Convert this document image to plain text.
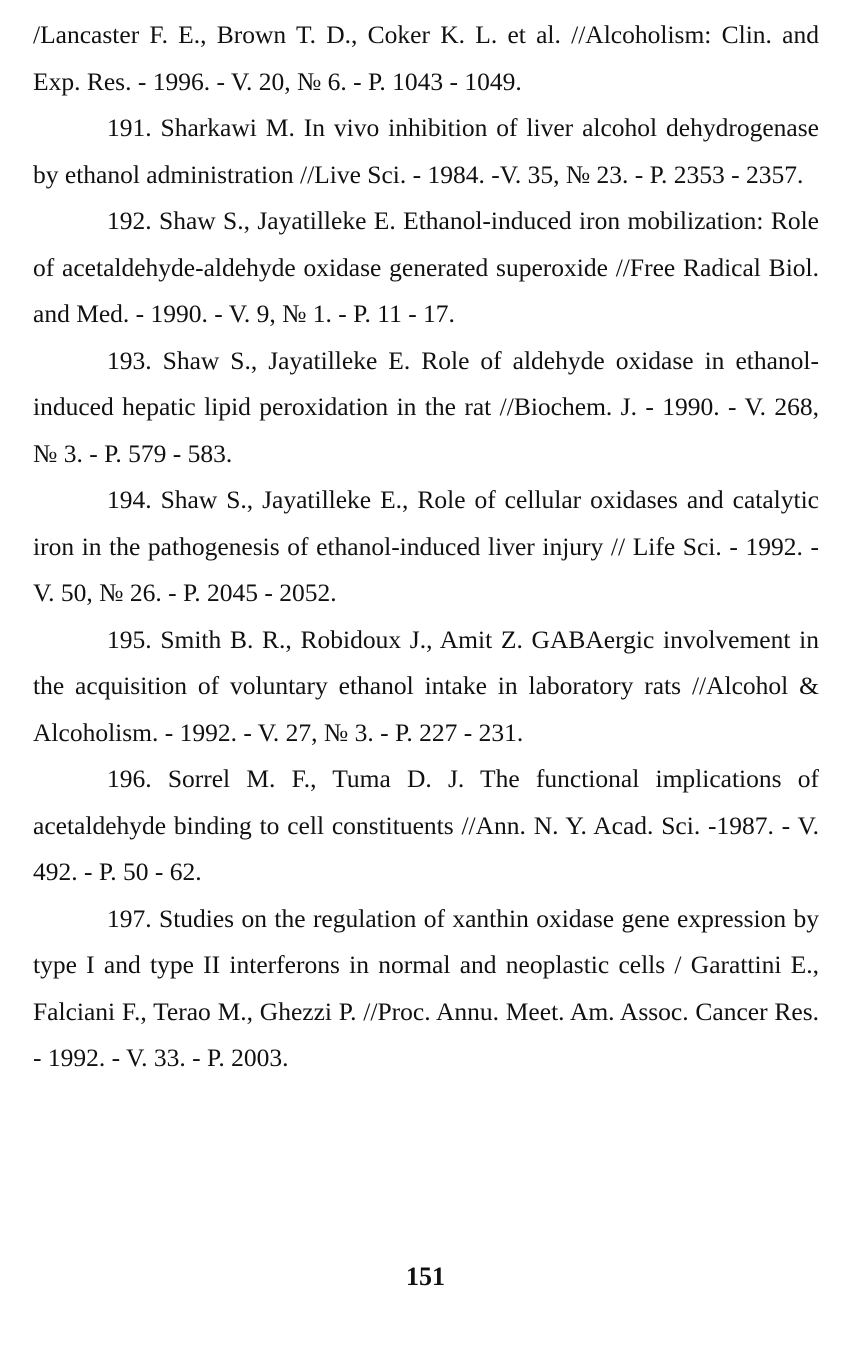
/Lancaster F. E., Brown T. D., Coker K. L. et al. //Alcoholism: Clin. and Exp. Res. - 1996. - V. 20, № 6. - P. 1043 - 1049.

191. Sharkawi M. In vivo inhibition of liver alcohol dehydrogenase by ethanol administration //Live Sci. - 1984. -V. 35, № 23. - P. 2353 - 2357.

192. Shaw S., Jayatilleke E. Ethanol-induced iron mobilization: Role of acetaldehyde-aldehyde oxidase generated superoxide //Free Radical Biol. and Med. - 1990. - V. 9, № 1. - P. 11 - 17.

193. Shaw S., Jayatilleke E. Role of aldehyde oxidase in ethanol-induced hepatic lipid peroxidation in the rat //Biochem. J. - 1990. - V. 268, № 3. - P. 579 - 583.

194. Shaw S., Jayatilleke E., Role of cellular oxidases and catalytic iron in the pathogenesis of ethanol-induced liver injury // Life Sci. - 1992. - V. 50, № 26. - P. 2045 - 2052.

195. Smith B. R., Robidoux J., Amit Z. GABAergic involvement in the acquisition of voluntary ethanol intake in laboratory rats //Alcohol & Alcoholism. - 1992. - V. 27, № 3. - P. 227 - 231.

196. Sorrel M. F., Tuma D. J. The functional implications of acetaldehyde binding to cell constituents //Ann. N. Y. Acad. Sci. -1987. - V. 492. - P. 50 - 62.

197. Studies on the regulation of xanthin oxidase gene expression by type I and type II interferons in normal and neoplastic cells / Garattini E., Falciani F., Terao M., Ghezzi P. //Proc. Annu. Meet. Am. Assoc. Cancer Res. - 1992. - V. 33. - P. 2003.

151
